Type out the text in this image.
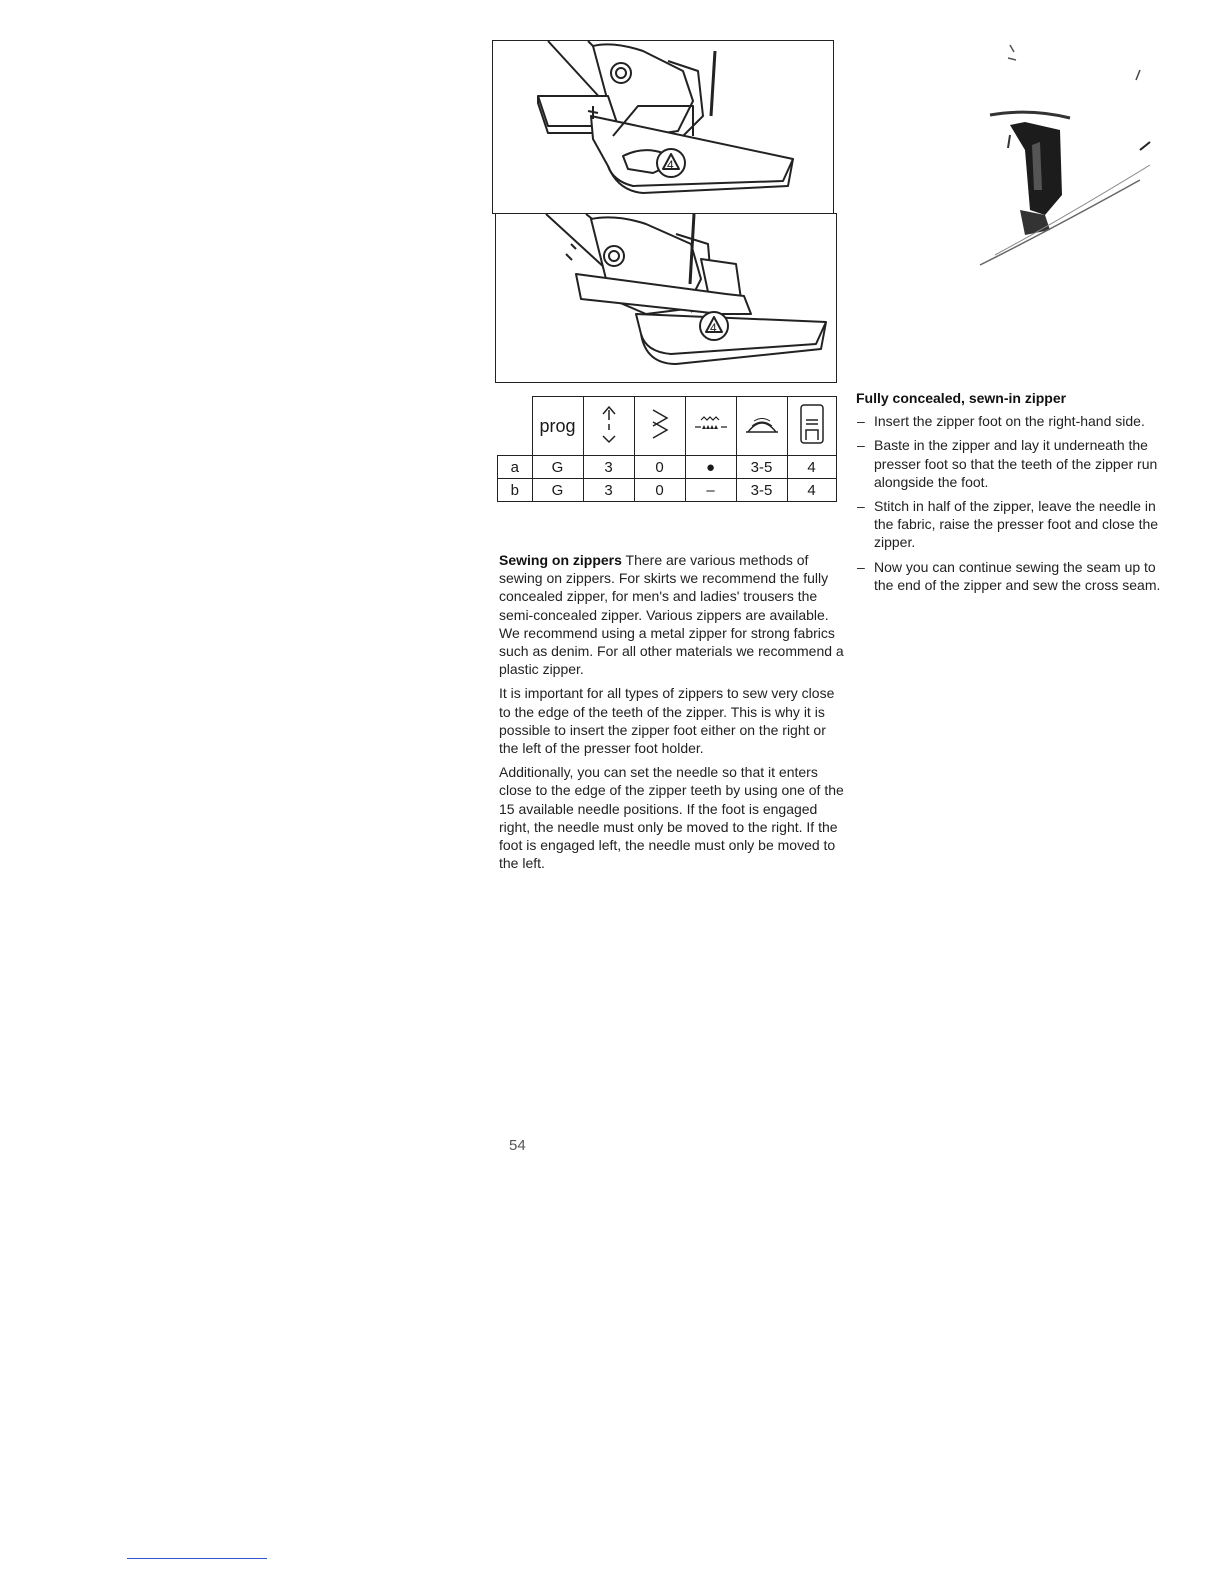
4
4
	prog					
a	G	3	0	●	3-5	4
b	G	3	0	–	3-5	4

Sewing on zippers There are various methods of sewing on zippers. For skirts we recommend the fully concealed zipper, for men's and ladies' trousers the semi-concealed zipper. Various zippers are available. We recommend using a metal zipper for strong fabrics such as denim. For all other materials we recommend a plastic zipper.

It is important for all types of zippers to sew very close to the edge of the teeth of the zipper. This is why it is possible to insert the zipper foot either on the right or the left of the presser foot holder.

Additionally, you can set the needle so that it enters close to the edge of the zipper teeth by using one of the 15 available needle positions. If the foot is engaged right, the needle must only be moved to the right. If the foot is engaged left, the needle must only be moved to the left.

Fully concealed, sewn-in zipper
– Insert the zipper foot on the right-hand side.
– Baste in the zipper and lay it underneath the presser foot so that the teeth of the zipper run alongside the foot.
– Stitch in half of the zipper, leave the needle in the fabric, raise the presser foot and close the zipper.
– Now you can continue sewing the seam up to the end of the zipper and sew the cross seam.
54
